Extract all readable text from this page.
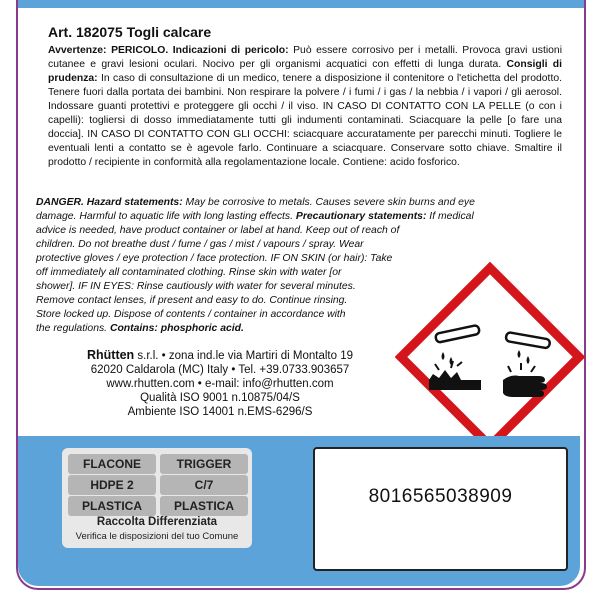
Art. 182075 Togli calcare
Avvertenze: PERICOLO. Indicazioni di pericolo: Può essere corrosivo per i metalli. Provoca gravi ustioni cutanee e gravi lesioni oculari. Nocivo per gli organismi acquatici con effetti di lunga durata. Consigli di prudenza: In caso di consultazione di un medico, tenere a disposizione il contenitore o l'etichetta del prodotto. Tenere fuori dalla portata dei bambini. Non respirare la polvere / i fumi / i gas / la nebbia / i vapori / gli aerosol. Indossare guanti protettivi e proteggere gli occhi / il viso. IN CASO DI CONTATTO CON LA PELLE (o con i capelli): togliersi di dosso immediatamente tutti gli indumenti contaminati. Sciacquare la pelle [o fare una doccia]. IN CASO DI CONTATTO CON GLI OCCHI: sciacquare accuratamente per parecchi minuti. Togliere le eventuali lenti a contatto se è agevole farlo. Continuare a sciacquare. Conservare sotto chiave. Smaltire il prodotto / recipiente in conformità alla regolamentazione locale. Contiene: acido fosforico.
DANGER. Hazard statements: May be corrosive to metals. Causes severe skin burns and eye
damage. Harmful to aquatic life with long lasting effects. Precautionary statements: If medical
advice is needed, have product container or label at hand. Keep out of reach of
children. Do not breathe dust / fume / gas / mist / vapours / spray. Wear
protective gloves / eye protection / face protection. IF ON SKIN (or hair): Take
off immediately all contaminated clothing. Rinse skin with water [or
shower]. IF IN EYES: Rinse cautiously with water for several minutes.
Remove contact lenses, if present and easy to do. Continue rinsing.
Store locked up. Dispose of contents / container in accordance with
the regulations. Contains: phosphoric acid.
Rhütten s.r.l. • zona ind.le via Martiri di Montalto 19
62020 Caldarola (MC) Italy • Tel. +39.0733.903657
www.rhutten.com • e-mail: info@rhutten.com
Qualità ISO 9001 n.10875/04/S
Ambiente ISO 14001 n.EMS-6296/S
FLACONE	TRIGGER
HDPE 2	C/7
PLASTICA	PLASTICA
Raccolta Differenziata
Verifica le disposizioni del tuo Comune
8016565038909
